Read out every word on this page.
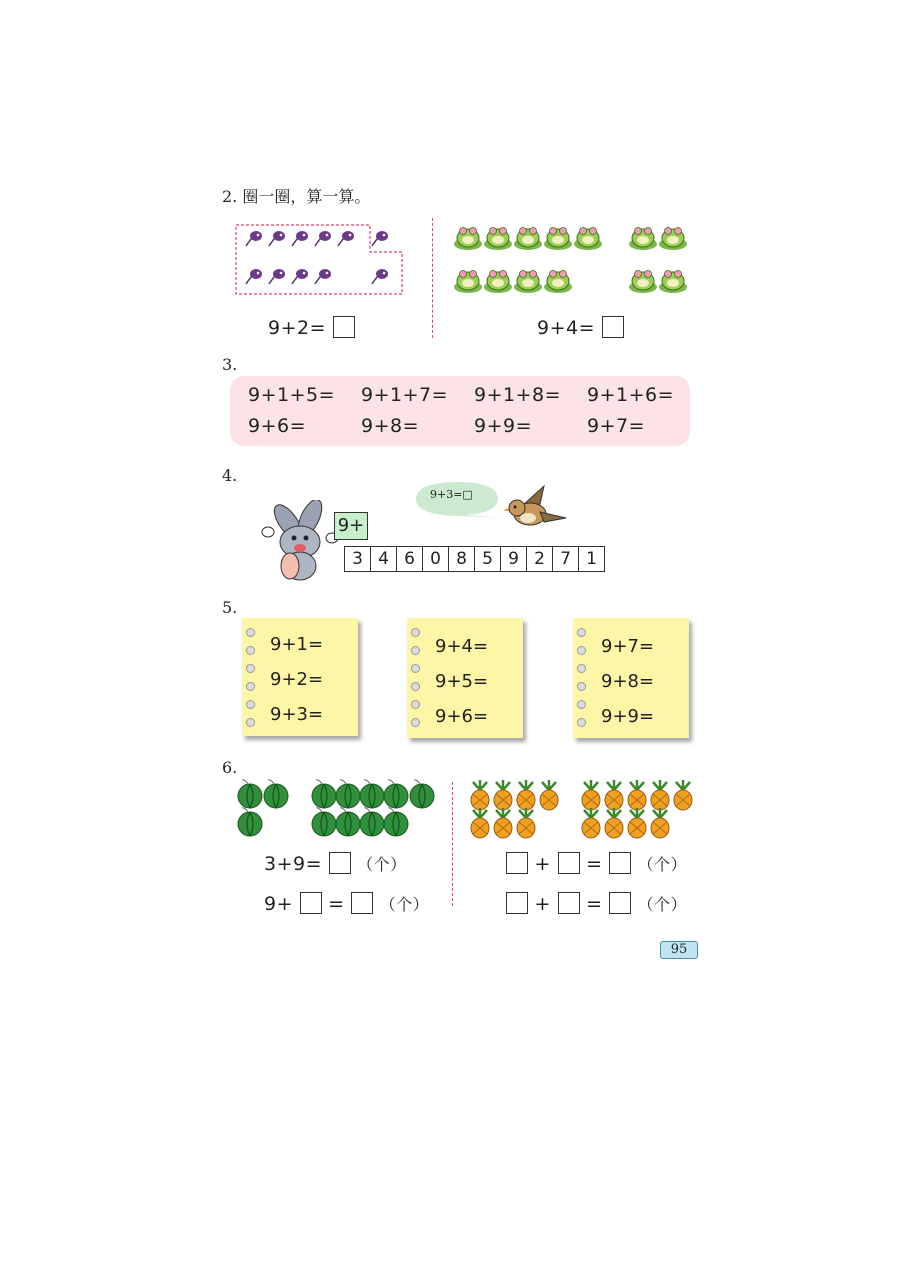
2. 圈一圈，算一算。
9+2=	9+4=
3.
9+1+5= 9+1+7= 9+1+8= 9+1+6=
9+6=	9+8=	9+9=	9+7=
4.
9+
9+3=□
3 4 6 0 8 5 9 2 7 1
5.
9+1=
9+2=
9+3=
9+4=
9+5=
9+6=
9+7=
9+8=
9+9=
6.
3+9= （个）
9+ = （个）
+ = （个）
+ = （个）
95
